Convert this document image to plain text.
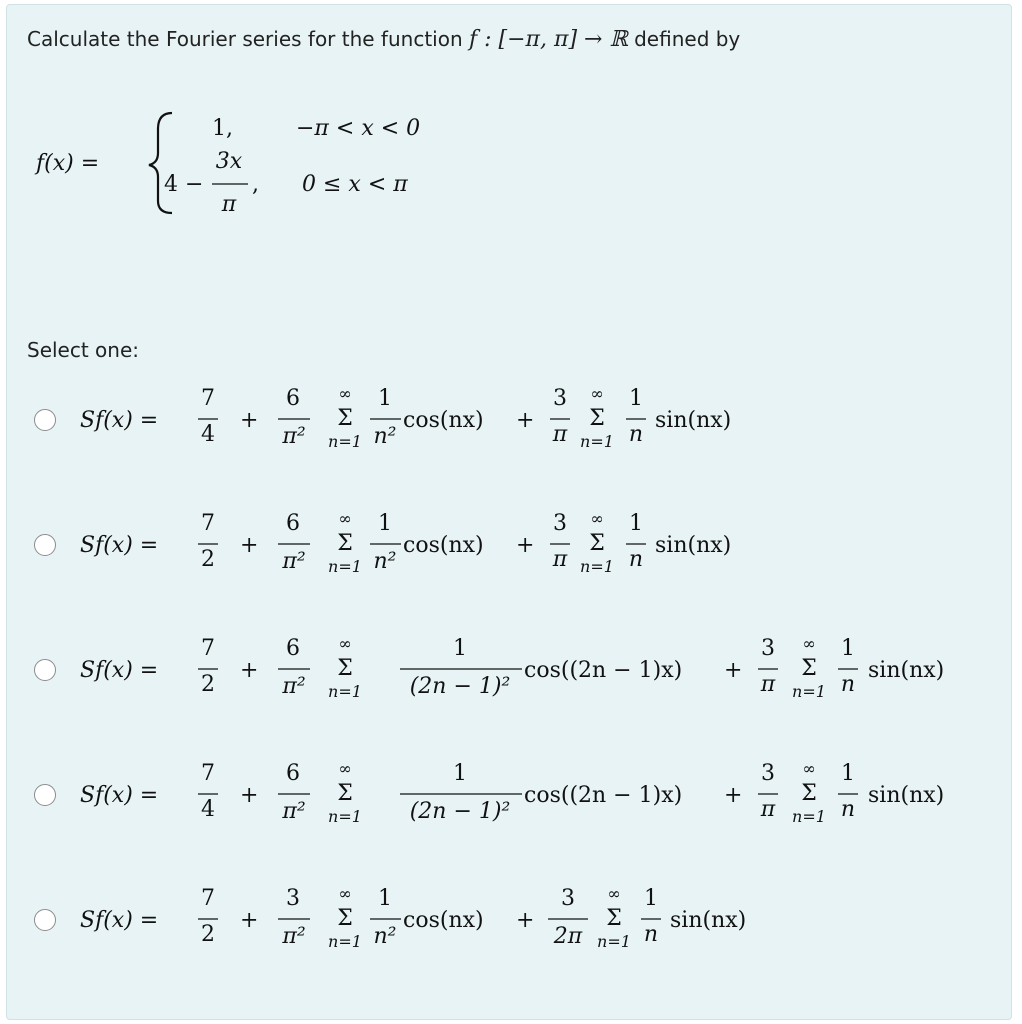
Calculate the Fourier series for the function f : [−π, π] → ℝ defined by
f(x) =
1,	−π < x < 0
4 −
3x
π
, 0 ≤ x < π
Select one:
Sf(x) =
7
4
+
6
π²
∞
Σ
n=1
1
n²
cos(nx) +
3
π
∞
Σ
n=1
1
n
sin(nx)
Sf(x) =
7
2
+
6
π²
∞
Σ
n=1
1
n²
cos(nx) +
3
π
∞
Σ
n=1
1
n
sin(nx)
Sf(x) =
7
2
+
6
π²
∞
Σ
n=1
1
(2n − 1)²
cos((2n − 1)x) +
3
π
∞
Σ
n=1
1
n
sin(nx)
Sf(x) =
7
4
+
6
π²
∞
Σ
n=1
1
(2n − 1)²
cos((2n − 1)x) +
3
π
∞
Σ
n=1
1
n
sin(nx)
Sf(x) =
7
2
+
3
π²
∞
Σ
n=1
1
n²
cos(nx) +
3
2π
∞
Σ
n=1
1
n
sin(nx)
